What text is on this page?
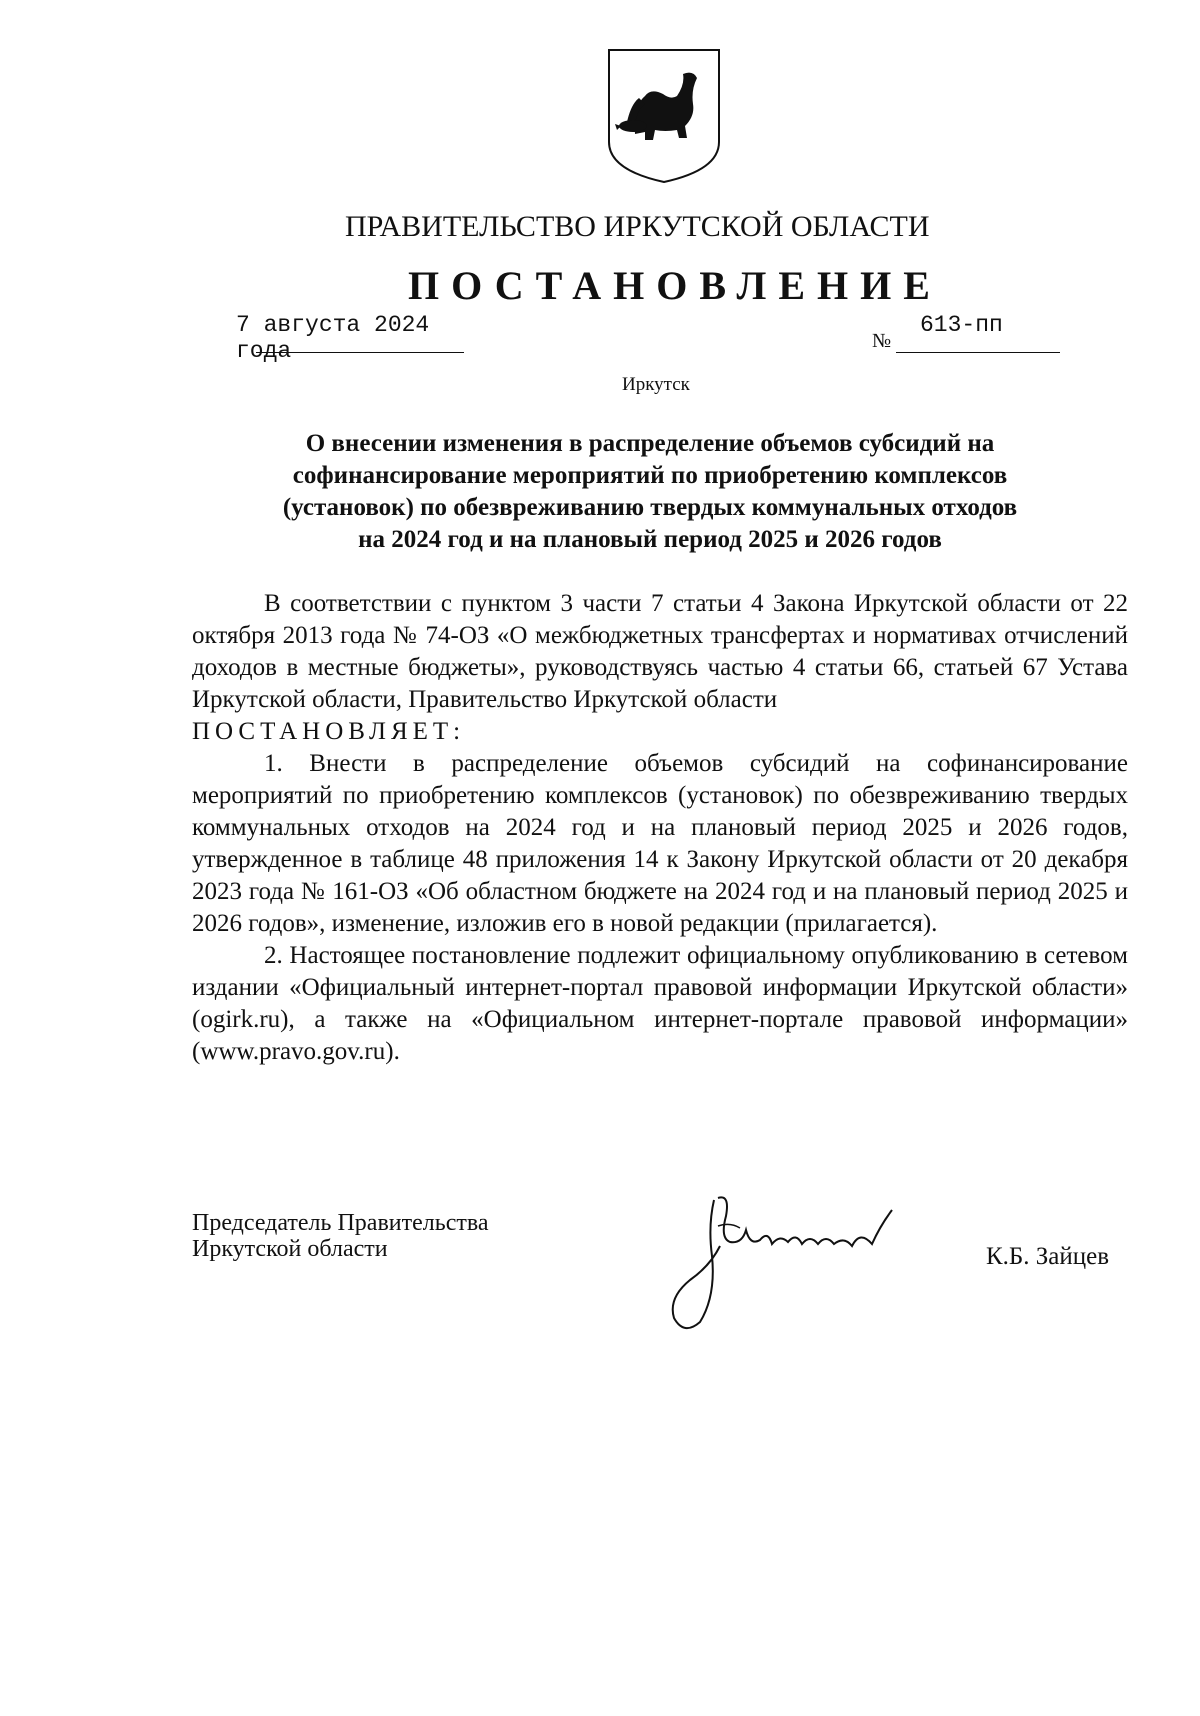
ПРАВИТЕЛЬСТВО ИРКУТСКОЙ ОБЛАСТИ
ПОСТАНОВЛЕНИЕ
7 августа 2024 года	№
613-пп
Иркутск
О внесении изменения в распределение объемов субсидий на
софинансирование мероприятий по приобретению комплексов
(установок) по обезвреживанию твердых коммунальных отходов
на 2024 год и на плановый период 2025 и 2026 годов

В соответствии с пунктом 3 части 7 статьи 4 Закона Иркутской области от 22 октября 2013 года № 74-ОЗ «О межбюджетных трансфертах и нормативах отчислений доходов в местные бюджеты», руководствуясь частью 4 статьи 66, статьей 67 Устава Иркутской области, Правительство Иркутской области

ПОСТАНОВЛЯЕТ:

1. Внести в распределение объемов субсидий на софинансирование мероприятий по приобретению комплексов (установок) по обезвреживанию твердых коммунальных отходов на 2024 год и на плановый период 2025 и 2026 годов, утвержденное в таблице 48 приложения 14 к Закону Иркутской области от 20 декабря 2023 года № 161-ОЗ «Об областном бюджете на 2024 год и на плановый период 2025 и 2026 годов», изменение, изложив его в новой редакции (прилагается).

2. Настоящее постановление подлежит официальному опубликованию в сетевом издании «Официальный интернет-портал правовой информации Иркутской области» (ogirk.ru), а также на «Официальном интернет-портале правовой информации» (www.pravo.gov.ru).

Председатель Правительства
Иркутской области	К.Б. Зайцев
